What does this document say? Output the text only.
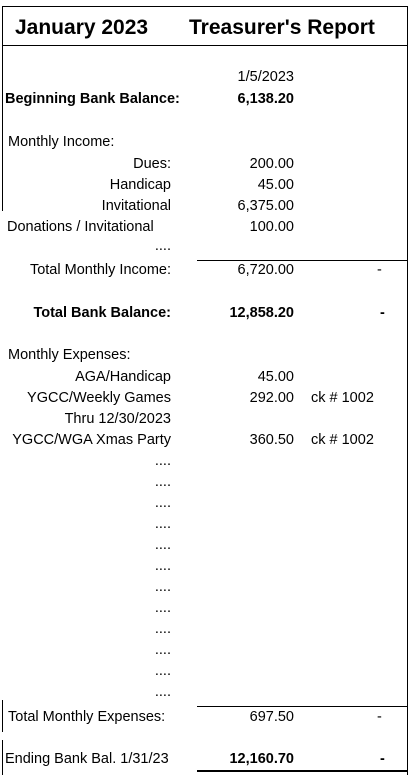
January 2023 Treasurer's Report
1/5/2023
Beginning Bank Balance:	6,138.20
Monthly Income:
Dues:	200.00
Handicap	45.00
Invitational	6,375.00
Donations / Invitational	100.00
....
Total Monthly Income:	6,720.00	-
Total Bank Balance:	12,858.20	-
Monthly Expenses:
AGA/Handicap	45.00
YGCC/Weekly Games	292.00 ck # 1002
Thru 12/30/2023
YGCC/WGA Xmas Party	360.50 ck # 1002
....
....
....
....
....
....
....
....
....
....
....
....
Total Monthly Expenses:	697.50	-
Ending Bank Bal. 1/31/23	12,160.70	-
